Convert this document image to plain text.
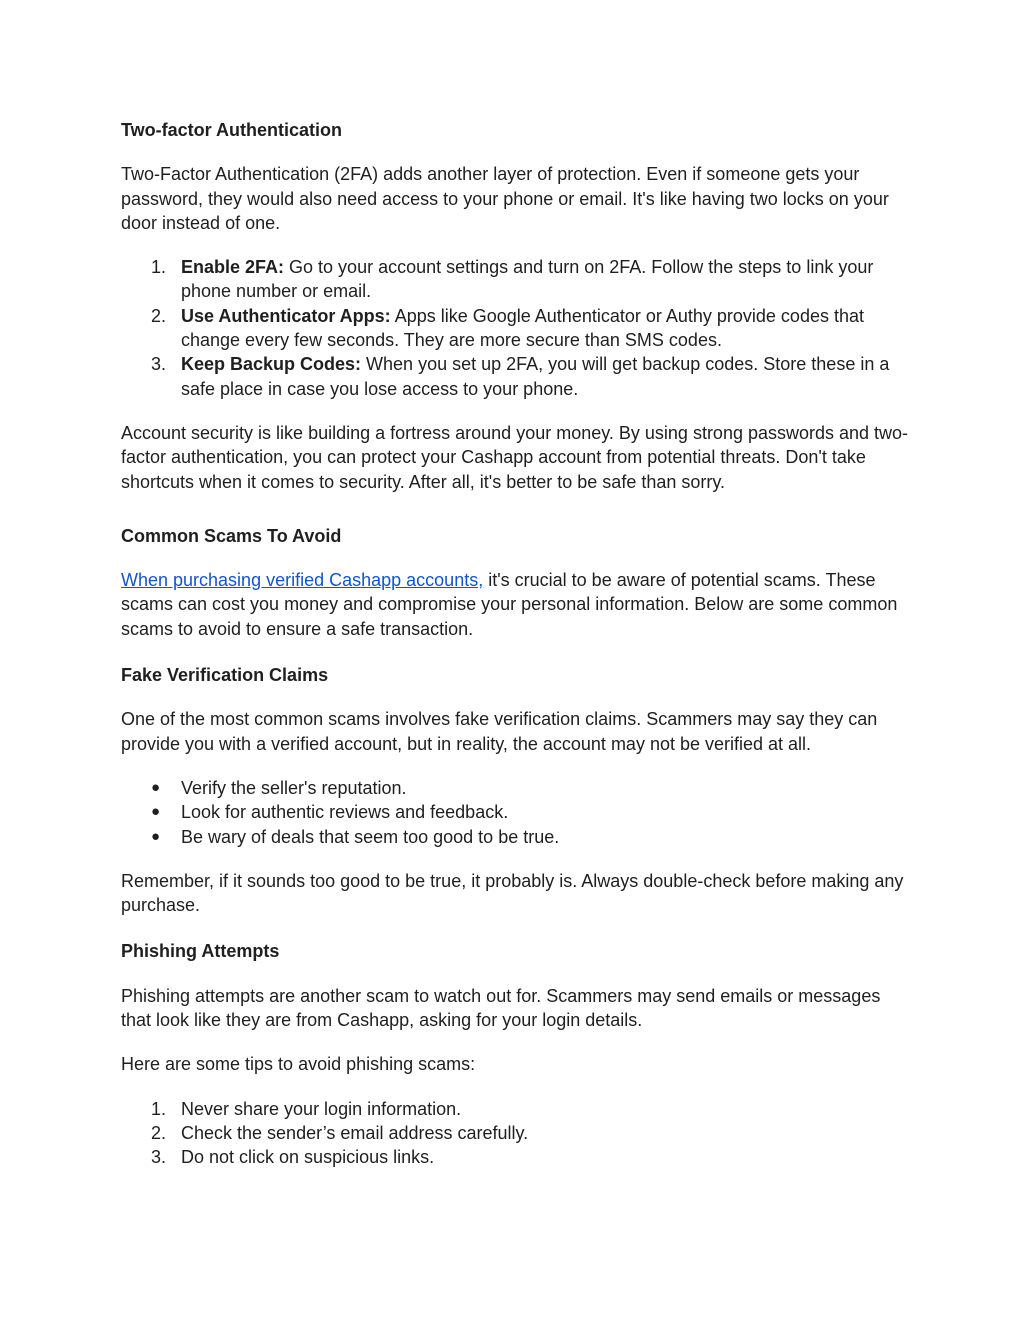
Two-factor Authentication

Two-Factor Authentication (2FA) adds another layer of protection. Even if someone gets your password, they would also need access to your phone or email. It's like having two locks on your door instead of one.

1. Enable 2FA: Go to your account settings and turn on 2FA. Follow the steps to link your phone number or email.
2. Use Authenticator Apps: Apps like Google Authenticator or Authy provide codes that change every few seconds. They are more secure than SMS codes.
3. Keep Backup Codes: When you set up 2FA, you will get backup codes. Store these in a safe place in case you lose access to your phone.

Account security is like building a fortress around your money. By using strong passwords and two-factor authentication, you can protect your Cashapp account from potential threats. Don't take shortcuts when it comes to security. After all, it's better to be safe than sorry.

Common Scams To Avoid

When purchasing verified Cashapp accounts, it's crucial to be aware of potential scams. These scams can cost you money and compromise your personal information. Below are some common scams to avoid to ensure a safe transaction.

Fake Verification Claims

One of the most common scams involves fake verification claims. Scammers may say they can provide you with a verified account, but in reality, the account may not be verified at all.

● Verify the seller's reputation.
● Look for authentic reviews and feedback.
● Be wary of deals that seem too good to be true.

Remember, if it sounds too good to be true, it probably is. Always double-check before making any purchase.

Phishing Attempts

Phishing attempts are another scam to watch out for. Scammers may send emails or messages that look like they are from Cashapp, asking for your login details.

Here are some tips to avoid phishing scams:

1. Never share your login information.
2. Check the sender’s email address carefully.
3. Do not click on suspicious links.
